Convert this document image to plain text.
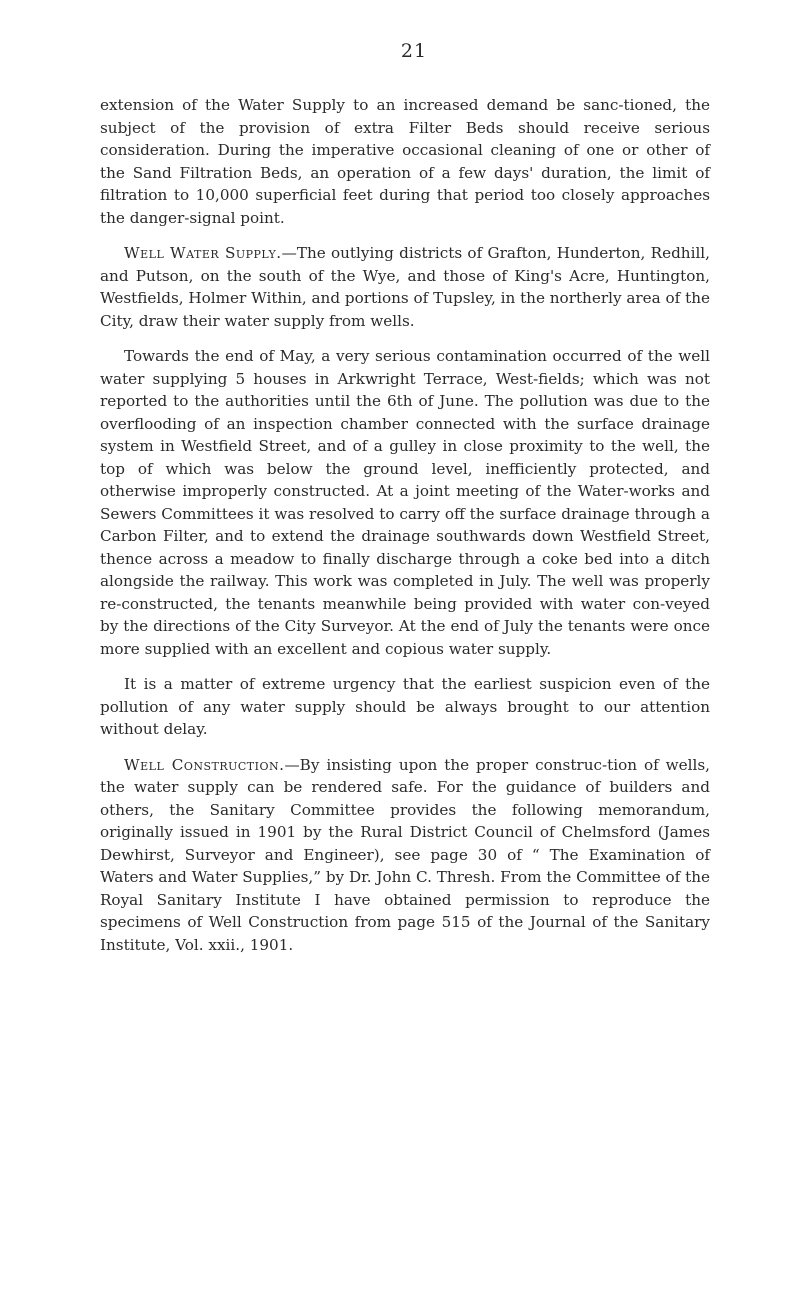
21

extension of the Water Supply to an increased demand be sanc-tioned, the subject of the provision of extra Filter Beds should receive serious consideration. During the imperative occasional cleaning of one or other of the Sand Filtration Beds, an operation of a few days' duration, the limit of filtration to 10,000 superficial feet during that period too closely approaches the danger-signal point.

Well Water Supply.—The outlying districts of Grafton, Hunderton, Redhill, and Putson, on the south of the Wye, and those of King's Acre, Huntington, Westfields, Holmer Within, and portions of Tupsley, in the northerly area of the City, draw their water supply from wells.

Towards the end of May, a very serious contamination occurred of the well water supplying 5 houses in Arkwright Terrace, West-fields; which was not reported to the authorities until the 6th of June. The pollution was due to the overflooding of an inspection chamber connected with the surface drainage system in Westfield Street, and of a gulley in close proximity to the well, the top of which was below the ground level, inefficiently protected, and otherwise improperly constructed. At a joint meeting of the Water-works and Sewers Committees it was resolved to carry off the surface drainage through a Carbon Filter, and to extend the drainage southwards down Westfield Street, thence across a meadow to finally discharge through a coke bed into a ditch alongside the railway. This work was completed in July. The well was properly re-constructed, the tenants meanwhile being provided with water con-veyed by the directions of the City Surveyor. At the end of July the tenants were once more supplied with an excellent and copious water supply.

It is a matter of extreme urgency that the earliest suspicion even of the pollution of any water supply should be always brought to our attention without delay.

Well Construction.—By insisting upon the proper construc-tion of wells, the water supply can be rendered safe. For the guidance of builders and others, the Sanitary Committee provides the following memorandum, originally issued in 1901 by the Rural District Council of Chelmsford (James Dewhirst, Surveyor and Engineer), see page 30 of “ The Examination of Waters and Water Supplies,” by Dr. John C. Thresh. From the Committee of the Royal Sanitary Institute I have obtained permission to reproduce the specimens of Well Construction from page 515 of the Journal of the Sanitary Institute, Vol. xxii., 1901.
